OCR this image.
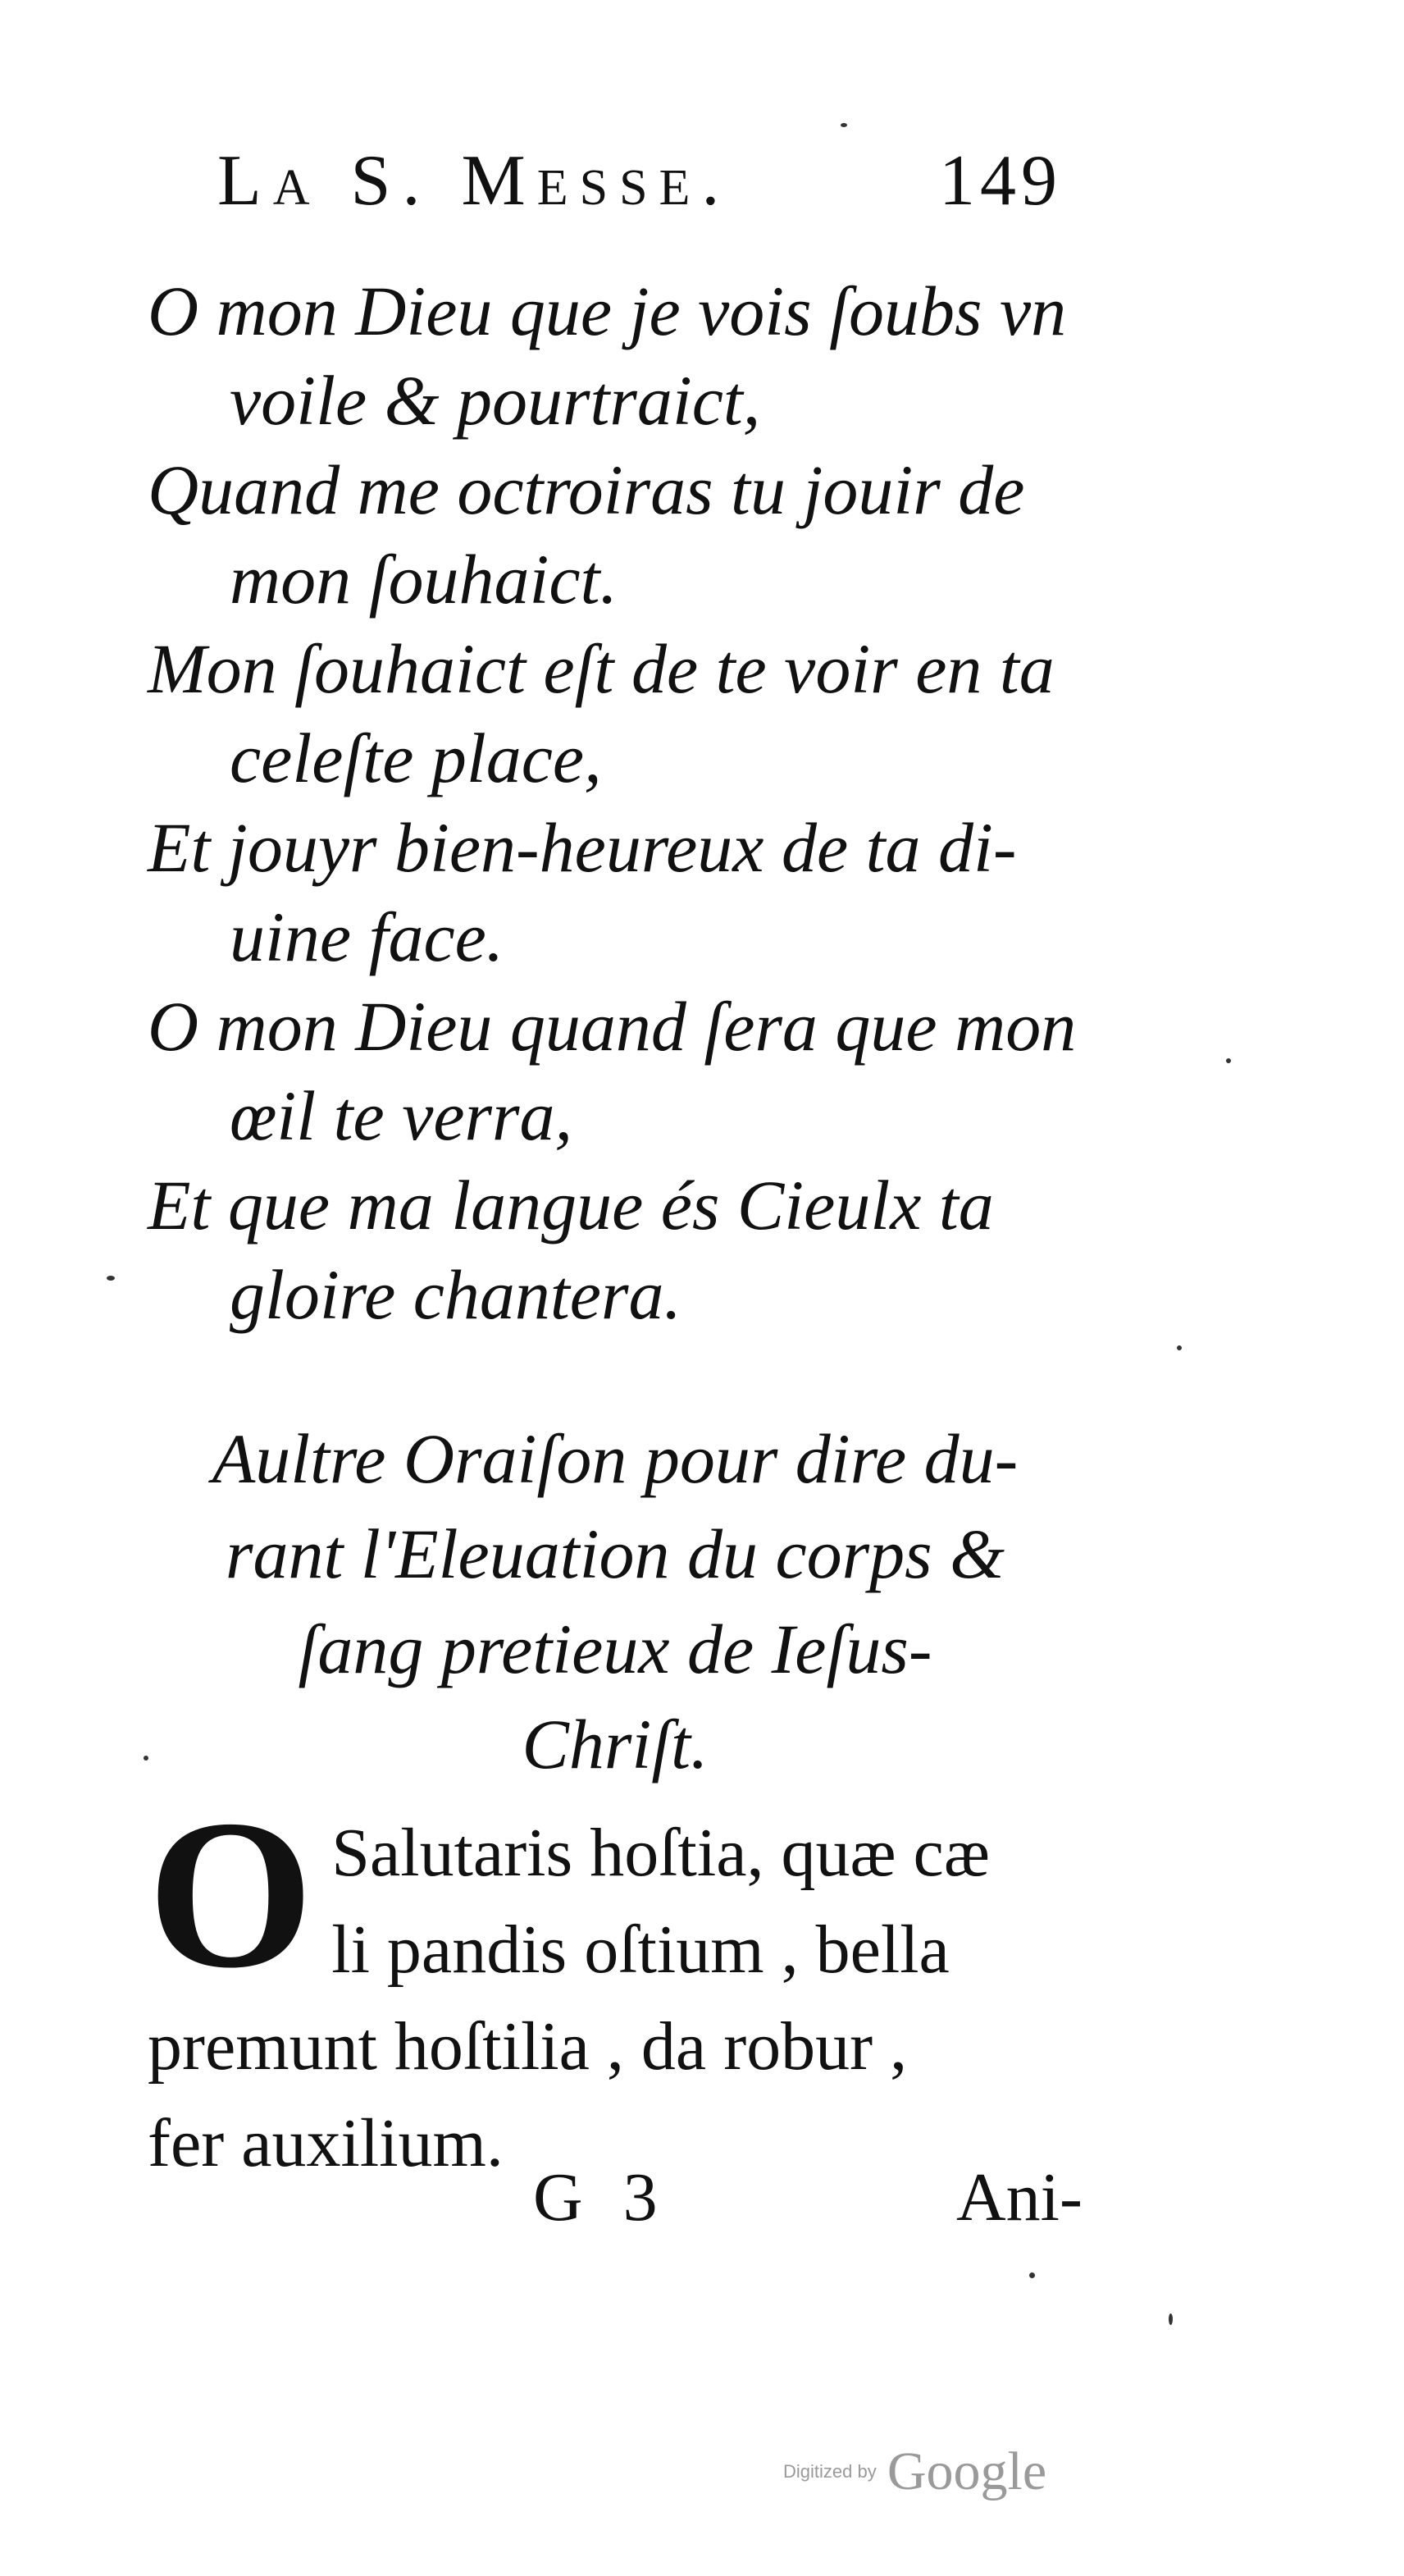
La S. Messe.	149
O mon Dieu que je vois ſoubs vn
voile & pourtraict,
Quand me octroiras tu jouir de
mon ſouhaict.
Mon ſouhaict eſt de te voir en ta
celeſte place,
Et jouyr bien-heureux de ta di-
uine face.
O mon Dieu quand ſera que mon
œil te verra,
Et que ma langue és Cieulx ta
gloire chantera.
Aultre Oraiſon pour dire du-
rant l'Eleuation du corps &
ſang pretieux de Ieſus-
Chriſt.
O Salutaris hoſtia, quæ cæ
li pandis oſtium , bella
premunt hoſtilia , da robur ,
fer auxilium.
G 3	Ani-
Digitized by Google
